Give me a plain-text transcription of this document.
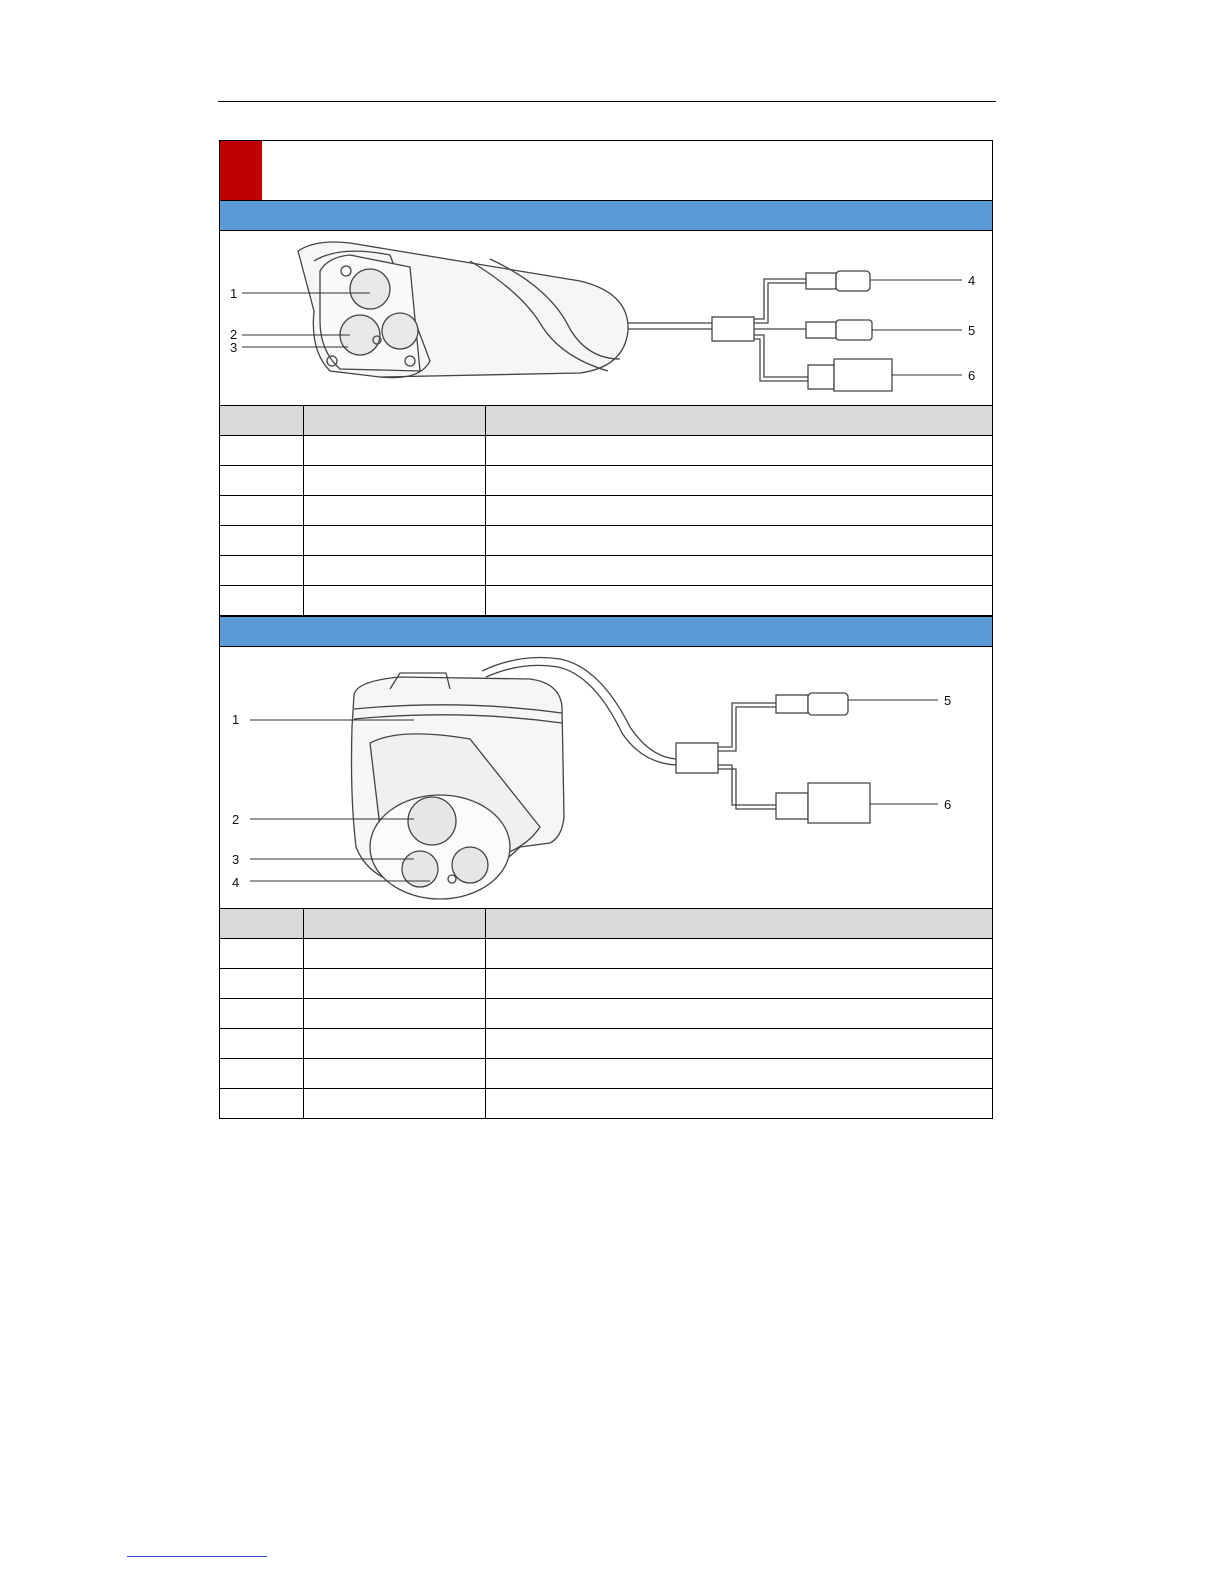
1
2
3
4
5
6

1
2
3
4
5
6
